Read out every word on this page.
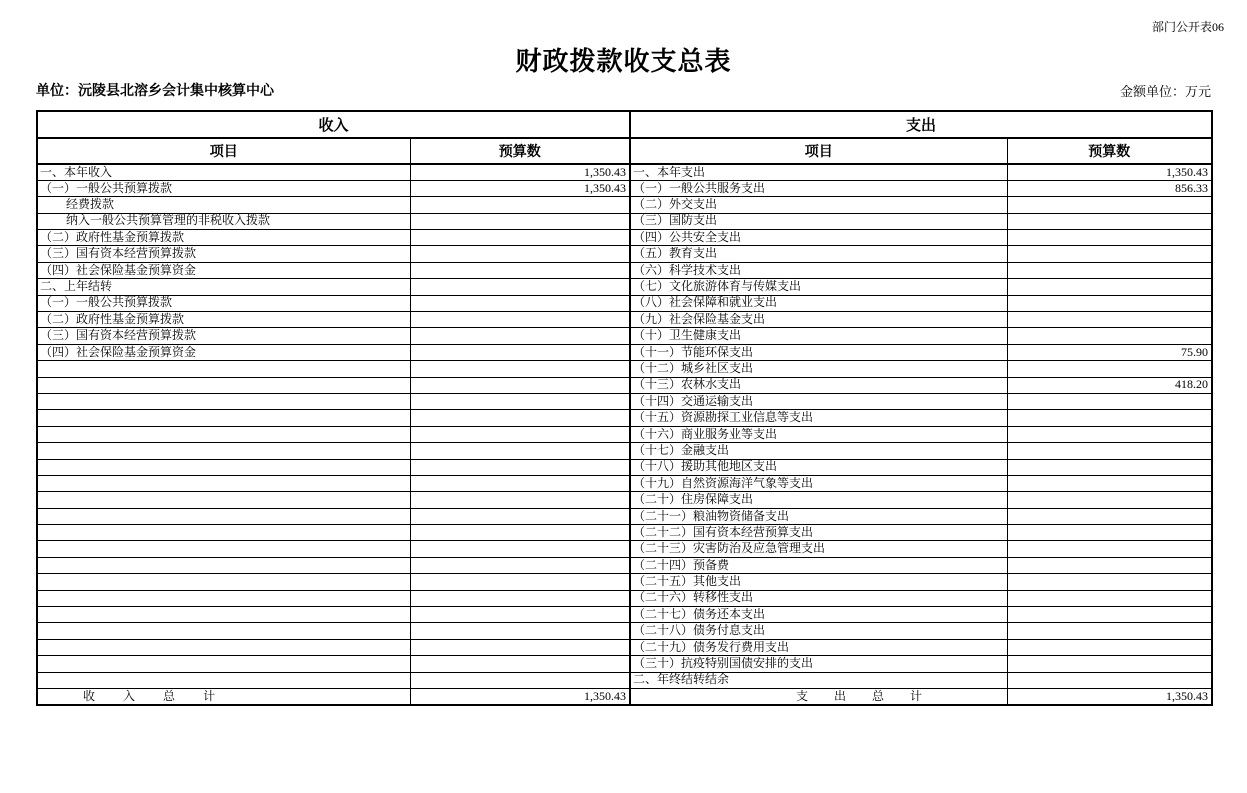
部门公开表06
财政拨款收支总表
单位：沅陵县北溶乡会计集中核算中心	金额单位：万元
收入		支出	
项目	预算数	项目	预算数
一、本年收入	1,350.43	一、本年支出	1,350.43
（一）一般公共预算拨款	1,350.43	（一）一般公共服务支出	856.33
经费拨款		（二）外交支出	
纳入一般公共预算管理的非税收入拨款		（三）国防支出	
（二）政府性基金预算拨款		（四）公共安全支出	
（三）国有资本经营预算拨款		（五）教育支出	
（四）社会保险基金预算资金		（六）科学技术支出	
二、上年结转		（七）文化旅游体育与传媒支出	
（一）一般公共预算拨款		（八）社会保障和就业支出	
（二）政府性基金预算拨款		（九）社会保险基金支出	
（三）国有资本经营预算拨款		（十）卫生健康支出	
（四）社会保险基金预算资金		（十一）节能环保支出	75.90
		（十二）城乡社区支出	
		（十三）农林水支出	418.20
		（十四）交通运输支出	
		（十五）资源勘探工业信息等支出	
		（十六）商业服务业等支出	
		（十七）金融支出	
		（十八）援助其他地区支出	
		（十九）自然资源海洋气象等支出	
		（二十）住房保障支出	
		（二十一）粮油物资储备支出	
		（二十二）国有资本经营预算支出	
		（二十三）灾害防治及应急管理支出	
		（二十四）预备费	
		（二十五）其他支出	
		（二十六）转移性支出	
		（二十七）债务还本支出	
		（二十八）债务付息支出	
		（二十九）债务发行费用支出	
		（三十）抗疫特别国债安排的支出	
		二、年终结转结余	
收入总计	1,350.43	支出总计	1,350.43
